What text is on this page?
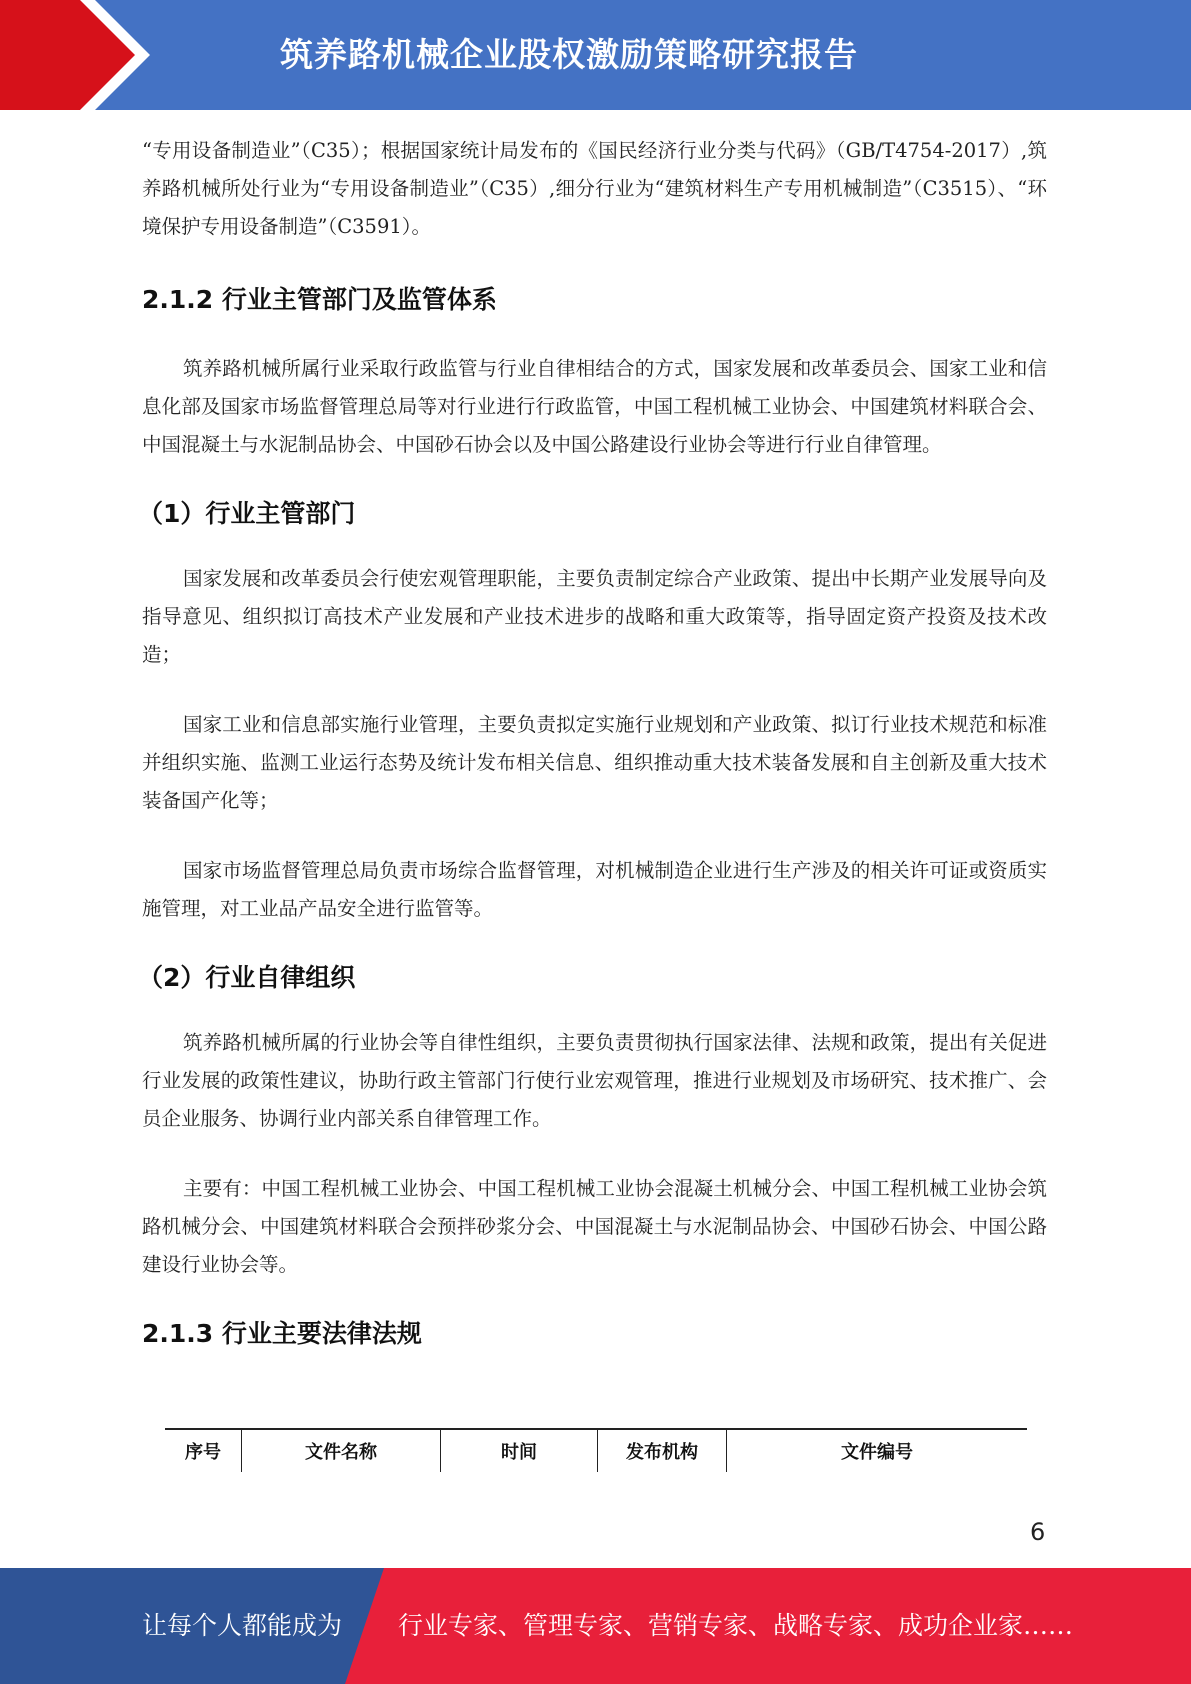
筑养路机械企业股权激励策略研究报告

“专用设备制造业”（C35）；根据国家统计局发布的《国民经济行业分类与代码》（GB/T4754-2017）,筑养路机械所处行业为“专用设备制造业”（C35）,细分行业为“建筑材料生产专用机械制造”（C3515）、“环境保护专用设备制造”（C3591）。

2.1.2 行业主管部门及监管体系

筑养路机械所属行业采取行政监管与行业自律相结合的方式，国家发展和改革委员会、国家工业和信息化部及国家市场监督管理总局等对行业进行行政监管，中国工程机械工业协会、中国建筑材料联合会、中国混凝土与水泥制品协会、中国砂石协会以及中国公路建设行业协会等进行行业自律管理。

（1）行业主管部门

国家发展和改革委员会行使宏观管理职能，主要负责制定综合产业政策、提出中长期产业发展导向及指导意见、组织拟订高技术产业发展和产业技术进步的战略和重大政策等，指导固定资产投资及技术改造；

国家工业和信息部实施行业管理，主要负责拟定实施行业规划和产业政策、拟订行业技术规范和标准并组织实施、监测工业运行态势及统计发布相关信息、组织推动重大技术装备发展和自主创新及重大技术装备国产化等；

国家市场监督管理总局负责市场综合监督管理，对机械制造企业进行生产涉及的相关许可证或资质实施管理，对工业品产品安全进行监管等。

（2）行业自律组织

筑养路机械所属的行业协会等自律性组织，主要负责贯彻执行国家法律、法规和政策，提出有关促进行业发展的政策性建议，协助行政主管部门行使行业宏观管理，推进行业规划及市场研究、技术推广、会员企业服务、协调行业内部关系自律管理工作。

主要有：中国工程机械工业协会、中国工程机械工业协会混凝土机械分会、中国工程机械工业协会筑路机械分会、中国建筑材料联合会预拌砂浆分会、中国混凝土与水泥制品协会、中国砂石协会、中国公路建设行业协会等。

2.1.3 行业主要法律法规
序号	文件名称	时间	发布机构	文件编号
6
让每个人都能成为 行业专家、管理专家、营销专家、战略专家、成功企业家……
